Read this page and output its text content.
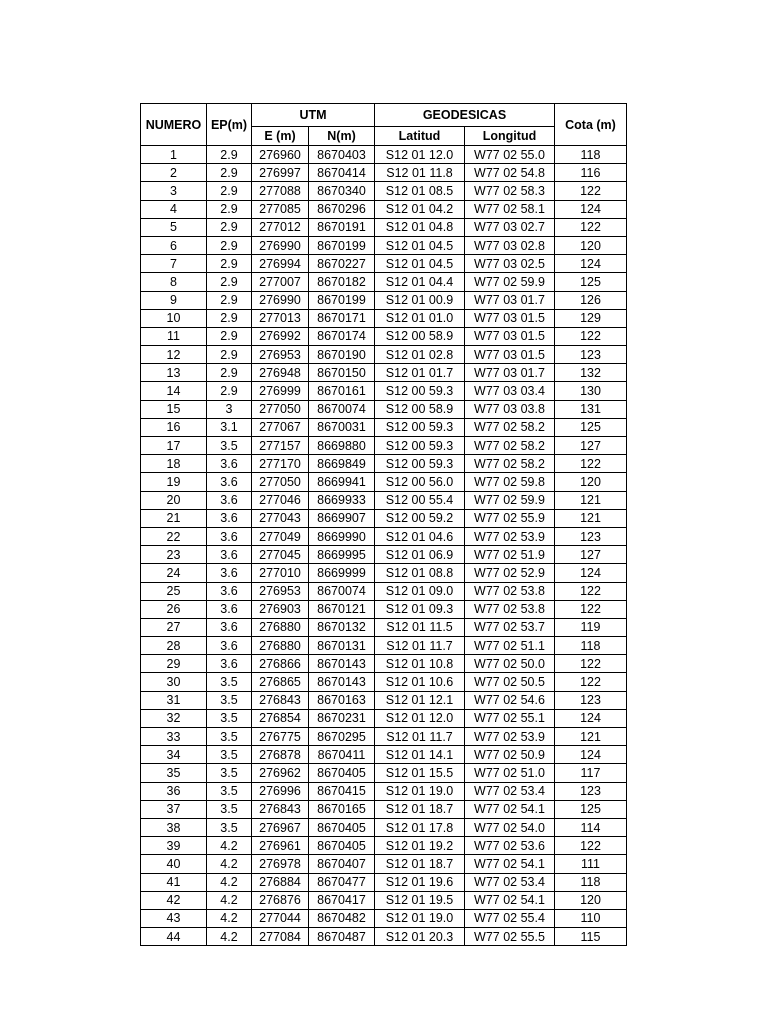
NUMERO	EP(m)	UTM		GEODESICAS		Cota (m)
		E (m)	N(m)	Latitud	Longitud	
1	2.9	276960	8670403	S12 01 12.0	W77 02 55.0	118
2	2.9	276997	8670414	S12 01 11.8	W77 02 54.8	116
3	2.9	277088	8670340	S12 01 08.5	W77 02 58.3	122
4	2.9	277085	8670296	S12 01 04.2	W77 02 58.1	124
5	2.9	277012	8670191	S12 01 04.8	W77 03 02.7	122
6	2.9	276990	8670199	S12 01 04.5	W77 03 02.8	120
7	2.9	276994	8670227	S12 01 04.5	W77 03 02.5	124
8	2.9	277007	8670182	S12 01 04.4	W77 02 59.9	125
9	2.9	276990	8670199	S12 01 00.9	W77 03 01.7	126
10	2.9	277013	8670171	S12 01 01.0	W77 03 01.5	129
11	2.9	276992	8670174	S12 00 58.9	W77 03 01.5	122
12	2.9	276953	8670190	S12 01 02.8	W77 03 01.5	123
13	2.9	276948	8670150	S12 01 01.7	W77 03 01.7	132
14	2.9	276999	8670161	S12 00 59.3	W77 03 03.4	130
15	3	277050	8670074	S12 00 58.9	W77 03 03.8	131
16	3.1	277067	8670031	S12 00 59.3	W77 02 58.2	125
17	3.5	277157	8669880	S12 00 59.3	W77 02 58.2	127
18	3.6	277170	8669849	S12 00 59.3	W77 02 58.2	122
19	3.6	277050	8669941	S12 00 56.0	W77 02 59.8	120
20	3.6	277046	8669933	S12 00 55.4	W77 02 59.9	121
21	3.6	277043	8669907	S12 00 59.2	W77 02 55.9	121
22	3.6	277049	8669990	S12 01 04.6	W77 02 53.9	123
23	3.6	277045	8669995	S12 01 06.9	W77 02 51.9	127
24	3.6	277010	8669999	S12 01 08.8	W77 02 52.9	124
25	3.6	276953	8670074	S12 01 09.0	W77 02 53.8	122
26	3.6	276903	8670121	S12 01 09.3	W77 02 53.8	122
27	3.6	276880	8670132	S12 01 11.5	W77 02 53.7	119
28	3.6	276880	8670131	S12 01 11.7	W77 02 51.1	118
29	3.6	276866	8670143	S12 01 10.8	W77 02 50.0	122
30	3.5	276865	8670143	S12 01 10.6	W77 02 50.5	122
31	3.5	276843	8670163	S12 01 12.1	W77 02 54.6	123
32	3.5	276854	8670231	S12 01 12.0	W77 02 55.1	124
33	3.5	276775	8670295	S12 01 11.7	W77 02 53.9	121
34	3.5	276878	8670411	S12 01 14.1	W77 02 50.9	124
35	3.5	276962	8670405	S12 01 15.5	W77 02 51.0	117
36	3.5	276996	8670415	S12 01 19.0	W77 02 53.4	123
37	3.5	276843	8670165	S12 01 18.7	W77 02 54.1	125
38	3.5	276967	8670405	S12 01 17.8	W77 02 54.0	114
39	4.2	276961	8670405	S12 01 19.2	W77 02 53.6	122
40	4.2	276978	8670407	S12 01 18.7	W77 02 54.1	111
41	4.2	276884	8670477	S12 01 19.6	W77 02 53.4	118
42	4.2	276876	8670417	S12 01 19.5	W77 02 54.1	120
43	4.2	277044	8670482	S12 01 19.0	W77 02 55.4	110
44	4.2	277084	8670487	S12 01 20.3	W77 02 55.5	115
